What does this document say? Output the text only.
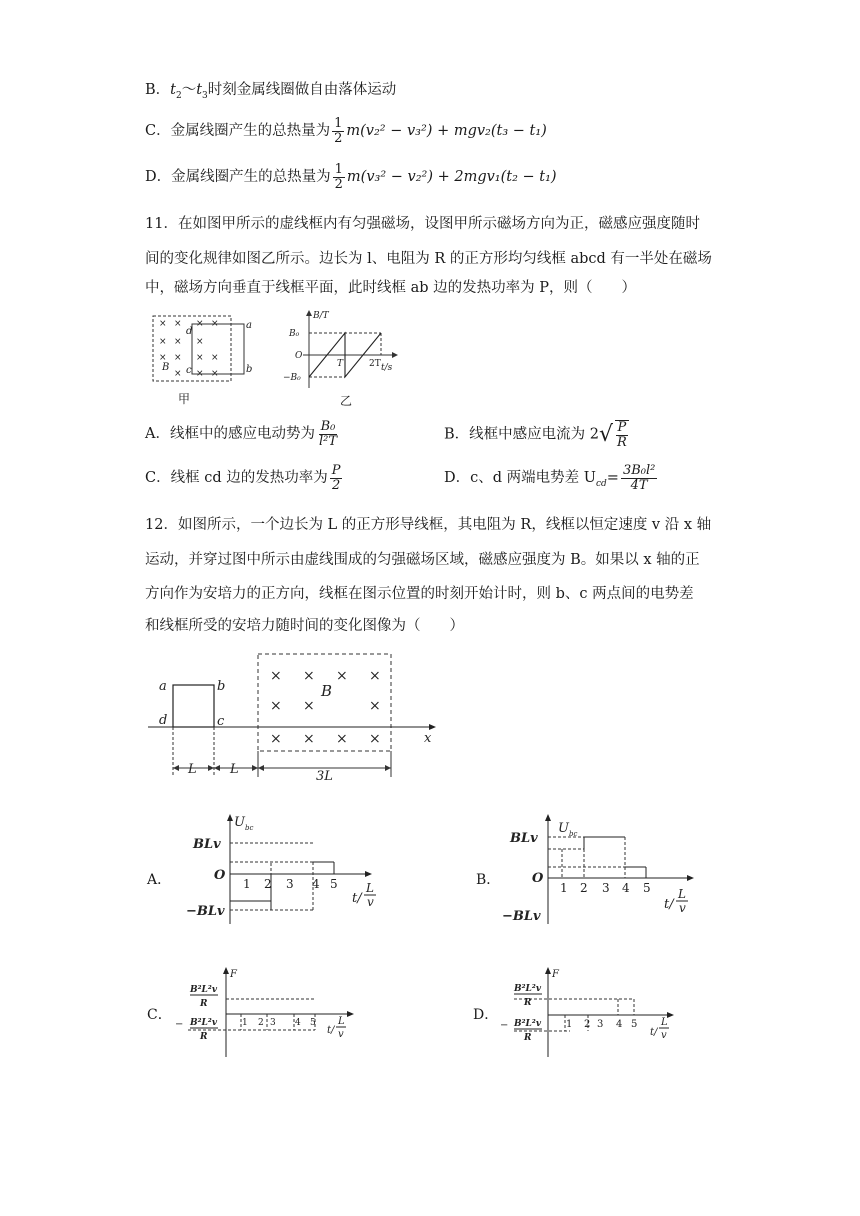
B．$t_2\sim t_3$时刻金属线圈做自由落体运动
C．金属线圈产生的总热量为 $\frac{1}{2} m(v_2^2 - v_3^2) + mgv_2(t_3 - t_1)$
D．金属线圈产生的总热量为 $\frac{1}{2} m(v_3^2 - v_2^2) + 2mgv_1(t_2 - t_1)$
11．在如图甲所示的虚线框内有匀强磁场，设图甲所示磁场方向为正，磁感应强度随时
间的变化规律如图乙所示。边长为 l、电阻为 R 的正方形均匀线框 abcd 有一半处在磁场
中，磁场方向垂直于线框平面，此时线框 ab 边的发热功率为 P，则（　　）
× × × ×
× × ×
× × × ×
× × ×
a
b
d
c
B
甲
B/T
B₀
O
−B₀
T	2T t/s
乙
A．线框中的感应电动势为 $\frac{\text{B₀}}{\text{l²T}}$	B．线框中感应电流为 $2√ \frac{P}{R}$
C．线框 cd 边的发热功率为 $\frac{P}{2}$	D．c、d 两端电势差 $U_{cd}= \frac{\text{3B₀l²}}{4T}$
12．如图所示，一个边长为 L 的正方形导线框，其电阻为 R，线框以恒定速度 v 沿 x 轴
运动，并穿过图中所示由虚线围成的匀强磁场区域，磁感应强度为 B。如果以 x 轴的正
方向作为安培力的正方向，线框在图示位置的时刻开始计时，则 b、c 两点间的电势差
和线框所受的安培力随时间的变化图像为（　　）
× × × ×
× ×	×
× × × ×
B
a	b
d	c
x
L	L	3L
A．	B．
C．	D．
U bc
BLv
O
−BLv
1 2 3 4 5
t/
L
v
U bc
BLv
O
−BLv
1 2 3 4 5
t/
L
v
F
B²L²v
R
− B²L²v
R
1 2 3 4 5
t/
L
v
F
B²L²v
R
− B²L²v
R
1 2 3 4 5
t/
L
v
